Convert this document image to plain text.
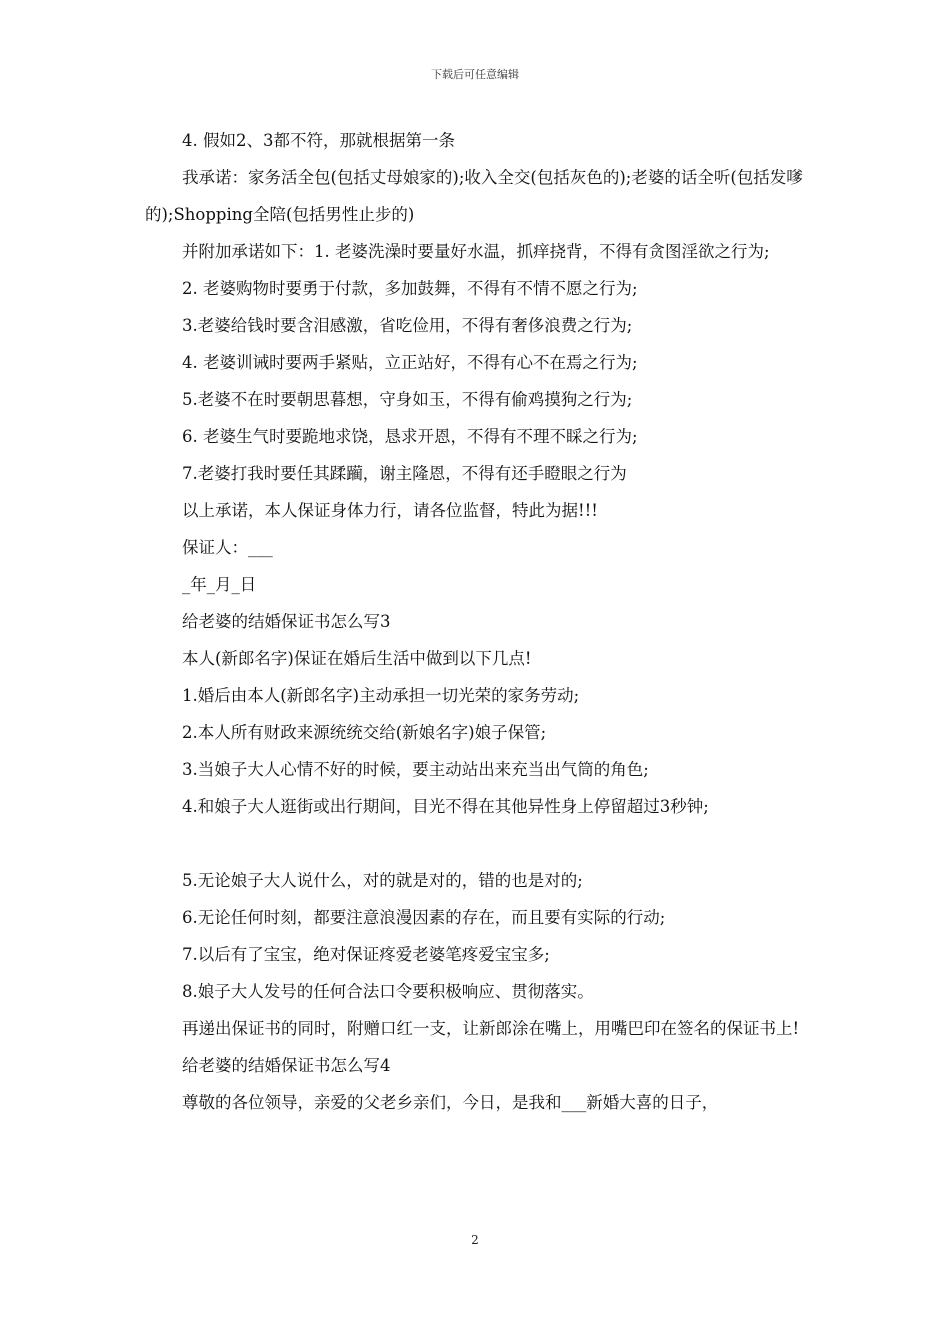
下载后可任意编辑

4. 假如2、3都不符，那就根据第一条

我承诺：家务活全包(包括丈母娘家的);收入全交(包括灰色的);老婆的话全听(包括发嗲的);Shopping全陪(包括男性止步的)

并附加承诺如下：1. 老婆洗澡时要量好水温，抓痒挠背，不得有贪图淫欲之行为;

2. 老婆购物时要勇于付款，多加鼓舞，不得有不情不愿之行为;

3.老婆给钱时要含泪感激，省吃俭用，不得有奢侈浪费之行为;

4. 老婆训诫时要两手紧贴，立正站好，不得有心不在焉之行为;

5.老婆不在时要朝思暮想，守身如玉，不得有偷鸡摸狗之行为;

6. 老婆生气时要跪地求饶，恳求开恩，不得有不理不睬之行为;

7.老婆打我时要任其蹂躏，谢主隆恩，不得有还手瞪眼之行为

以上承诺，本人保证身体力行，请各位监督，特此为据!!!

保证人：___

_年_月_日

给老婆的结婚保证书怎么写3

本人(新郎名字)保证在婚后生活中做到以下几点!

1.婚后由本人(新郎名字)主动承担一切光荣的家务劳动;

2.本人所有财政来源统统交给(新娘名字)娘子保管;

3.当娘子大人心情不好的时候，要主动站出来充当出气筒的角色;

4.和娘子大人逛街或出行期间，目光不得在其他异性身上停留超过3秒钟;

5.无论娘子大人说什么，对的就是对的，错的也是对的;

6.无论任何时刻，都要注意浪漫因素的存在，而且要有实际的行动;

7.以后有了宝宝，绝对保证疼爱老婆笔疼爱宝宝多;

8.娘子大人发号的任何合法口令要积极响应、贯彻落实。

再递出保证书的同时，附赠口红一支，让新郎涂在嘴上，用嘴巴印在签名的保证书上!

给老婆的结婚保证书怎么写4

尊敬的各位领导，亲爱的父老乡亲们，今日，是我和___新婚大喜的日子，

2
